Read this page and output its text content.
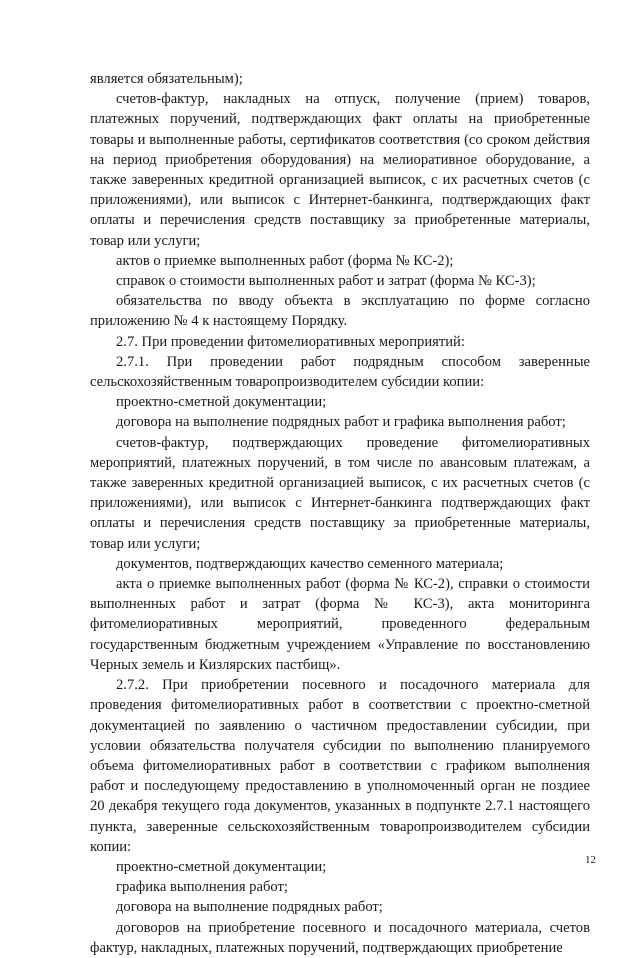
является обязательным);

счетов-фактур, накладных на отпуск, получение (прием) товаров, платежных поручений, подтверждающих факт оплаты на приобретенные товары и выполненные работы, сертификатов соответствия (со сроком действия на период приобретения оборудования) на мелиоративное оборудование, а также заверенных кредитной организацией выписок, с их расчетных счетов (с приложениями), или выписок с Интернет-банкинга, подтверждающих факт оплаты и перечисления средств поставщику за приобретенные материалы, товар или услуги;

актов о приемке выполненных работ (форма № КС-2);

справок о стоимости выполненных работ и затрат (форма № КС-3);

обязательства по вводу объекта в эксплуатацию по форме согласно приложению № 4 к настоящему Порядку.

2.7. При проведении фитомелиоративных мероприятий:

2.7.1. При проведении работ подрядным способом заверенные сельскохозяйственным товаропроизводителем субсидии копии:

проектно-сметной документации;

договора на выполнение подрядных работ и графика выполнения работ;

счетов-фактур, подтверждающих проведение фитомелиоративных мероприятий, платежных поручений, в том числе по авансовым платежам, а также заверенных кредитной организацией выписок, с их расчетных счетов (с приложениями), или выписок с Интернет-банкинга подтверждающих факт оплаты и перечисления средств поставщику за приобретенные материалы, товар или услуги;

документов, подтверждающих качество семенного материала;

акта о приемке выполненных работ (форма № КС-2), справки о стоимости выполненных работ и затрат (форма № КС-3), акта мониторинга фитомелиоративных мероприятий, проведенного федеральным государственным бюджетным учреждением «Управление по восстановлению Черных земель и Кизлярских пастбищ».

2.7.2. При приобретении посевного и посадочного материала для проведения фитомелиоративных работ в соответствии с проектно-сметной документацией по заявлению о частичном предоставлении субсидии, при условии обязательства получателя субсидии по выполнению планируемого объема фитомелиоративных работ в соответствии с графиком выполнения работ и последующему предоставлению в уполномоченный орган не поздиее 20 декабря текущего года документов, указанных в подпункте 2.7.1 настоящего пункта, заверенные сельскохозяйственным товаропроизводителем субсидии копии:

проектно-сметной документации;

графика выполнения работ;

договора на выполнение подрядных работ;

договоров на приобретение посевного и посадочного материала, счетов фактур, накладных, платежных поручений, подтверждающих приобретение

12
